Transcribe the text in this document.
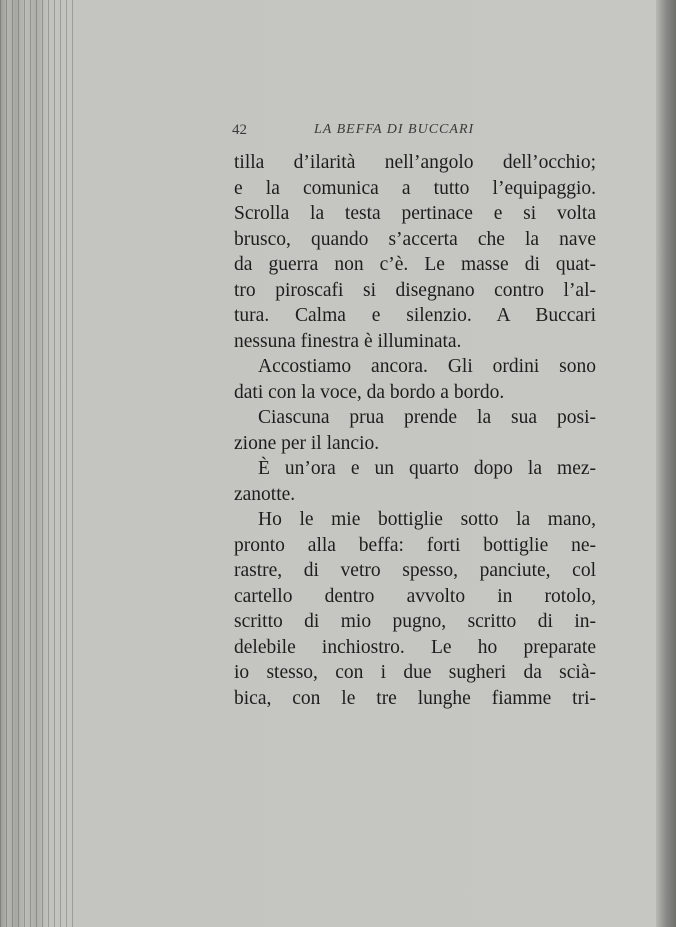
42	LA BEFFA DI BUCCARI
tilla d’ilarità nell’angolo dell’occhio;
e la comunica a tutto l’equipaggio.
Scrolla la testa pertinace e si volta
brusco, quando s’accerta che la nave
da guerra non c’è. Le masse di quat-
tro piroscafi si disegnano contro l’al-
tura. Calma e silenzio. A Buccari
nessuna finestra è illuminata.
Accostiamo ancora. Gli ordini sono
dati con la voce, da bordo a bordo.
Ciascuna prua prende la sua posi-
zione per il lancio.
È un’ora e un quarto dopo la mez-
zanotte.
Ho le mie bottiglie sotto la mano,
pronto alla beffa: forti bottiglie ne-
rastre, di vetro spesso, panciute, col
cartello dentro avvolto in rotolo,
scritto di mio pugno, scritto di in-
delebile inchiostro. Le ho preparate
io stesso, con i due sugheri da scià-
bica, con le tre lunghe fiamme tri-
